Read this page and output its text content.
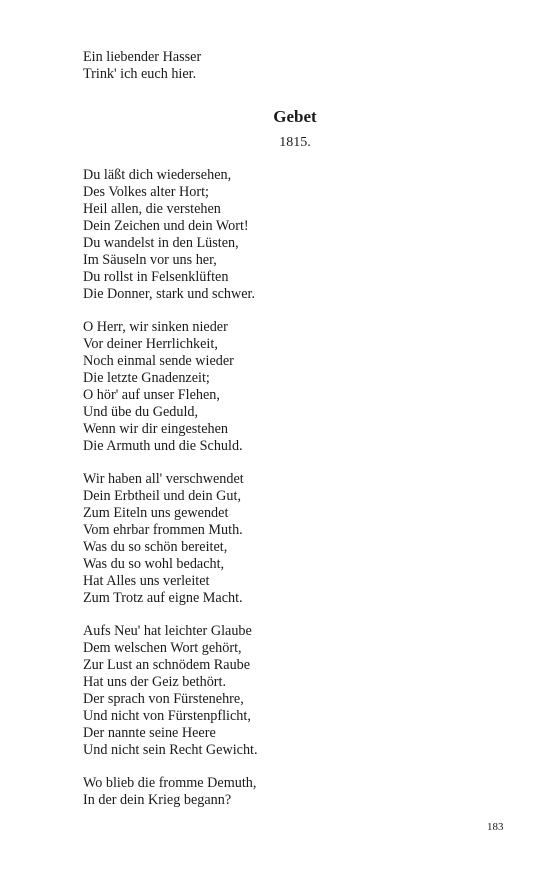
Ein liebender Hasser
Trink' ich euch hier.
Gebet
1815.
Du läßt dich wiedersehen,
Des Volkes alter Hort;
Heil allen, die verstehen
Dein Zeichen und dein Wort!
Du wandelst in den Lüsten,
Im Säuseln vor uns her,
Du rollst in Felsenklüften
Die Donner, stark und schwer.
O Herr, wir sinken nieder
Vor deiner Herrlichkeit,
Noch einmal sende wieder
Die letzte Gnadenzeit;
O hör' auf unser Flehen,
Und übe du Geduld,
Wenn wir dir eingestehen
Die Armuth und die Schuld.
Wir haben all' verschwendet
Dein Erbtheil und dein Gut,
Zum Eiteln uns gewendet
Vom ehrbar frommen Muth.
Was du so schön bereitet,
Was du so wohl bedacht,
Hat Alles uns verleitet
Zum Trotz auf eigne Macht.
Aufs Neu' hat leichter Glaube
Dem welschen Wort gehört,
Zur Lust an schnödem Raube
Hat uns der Geiz bethört.
Der sprach von Fürstenehre,
Und nicht von Fürstenpflicht,
Der nannte seine Heere
Und nicht sein Recht Gewicht.
Wo blieb die fromme Demuth,
In der dein Krieg begann?
183
